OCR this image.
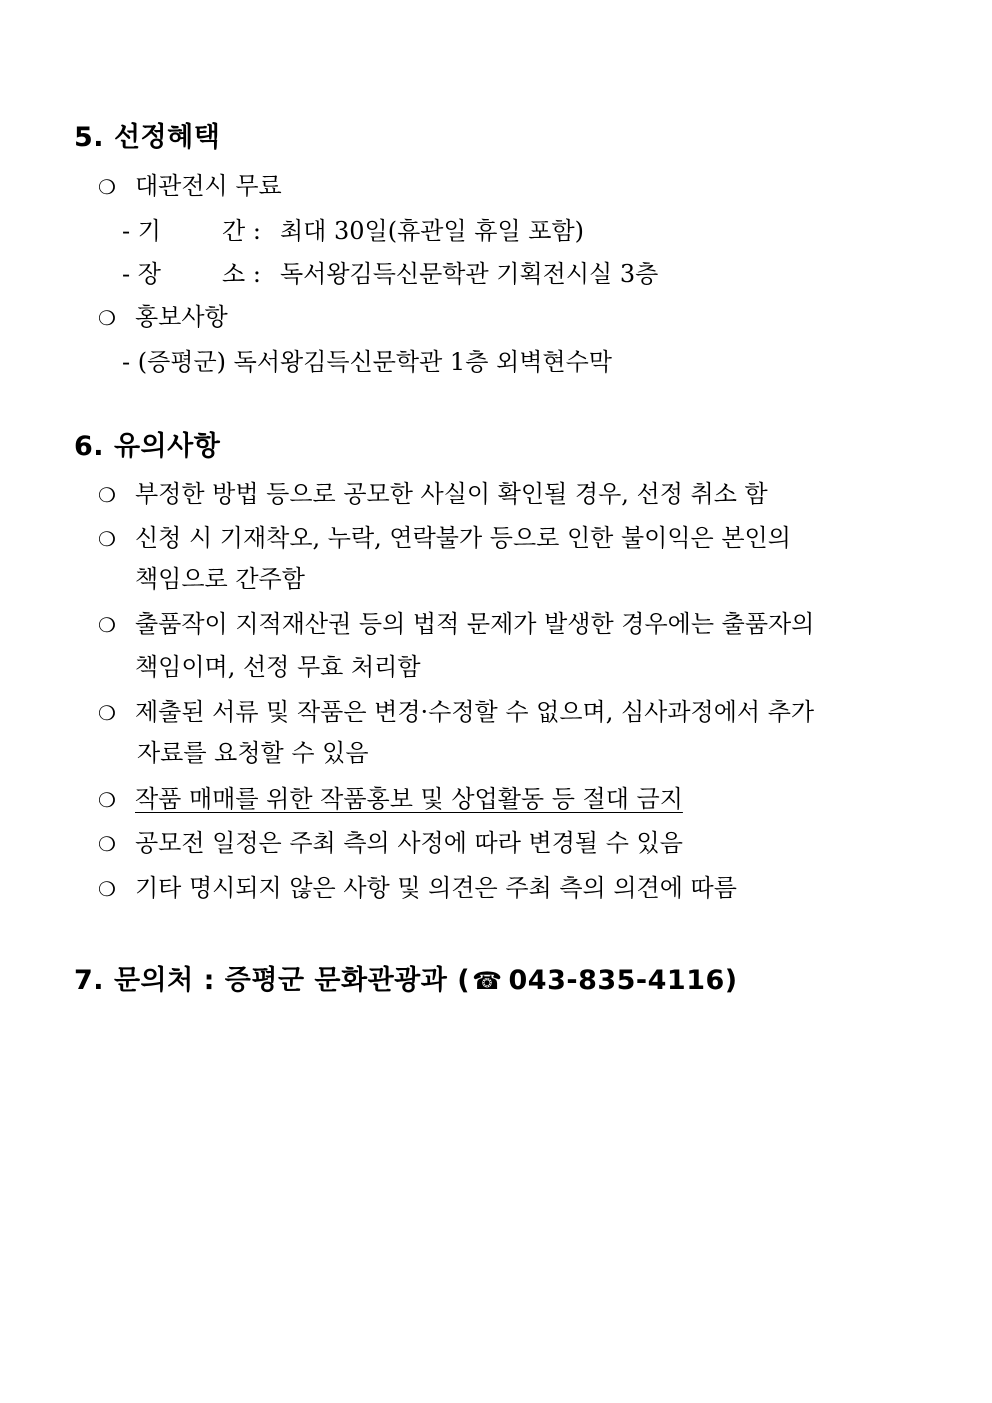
5. 선정혜택
❍ 대관전시 무료
- 기	간 : 최대 30일(휴관일 휴일 포함)
- 장	소 : 독서왕김득신문학관 기획전시실 3층
❍ 홍보사항
- (증평군) 독서왕김득신문학관 1층 외벽현수막
6. 유의사항
❍ 부정한 방법 등으로 공모한 사실이 확인될 경우, 선정 취소 함
❍ 신청 시 기재착오, 누락, 연락불가 등으로 인한 불이익은 본인의
책임으로 간주함
❍ 출품작이 지적재산권 등의 법적 문제가 발생한 경우에는 출품자의
책임이며, 선정 무효 처리함
❍ 제출된 서류 및 작품은 변경·수정할 수 없으며, 심사과정에서 추가
자료를 요청할 수 있음
❍ 작품 매매를 위한 작품홍보 및 상업활동 등 절대 금지
❍ 공모전 일정은 주최 측의 사정에 따라 변경될 수 있음
❍ 기타 명시되지 않은 사항 및 의견은 주최 측의 의견에 따름
7. 문의처 : 증평군 문화관광과 (☎ 043-835-4116)
